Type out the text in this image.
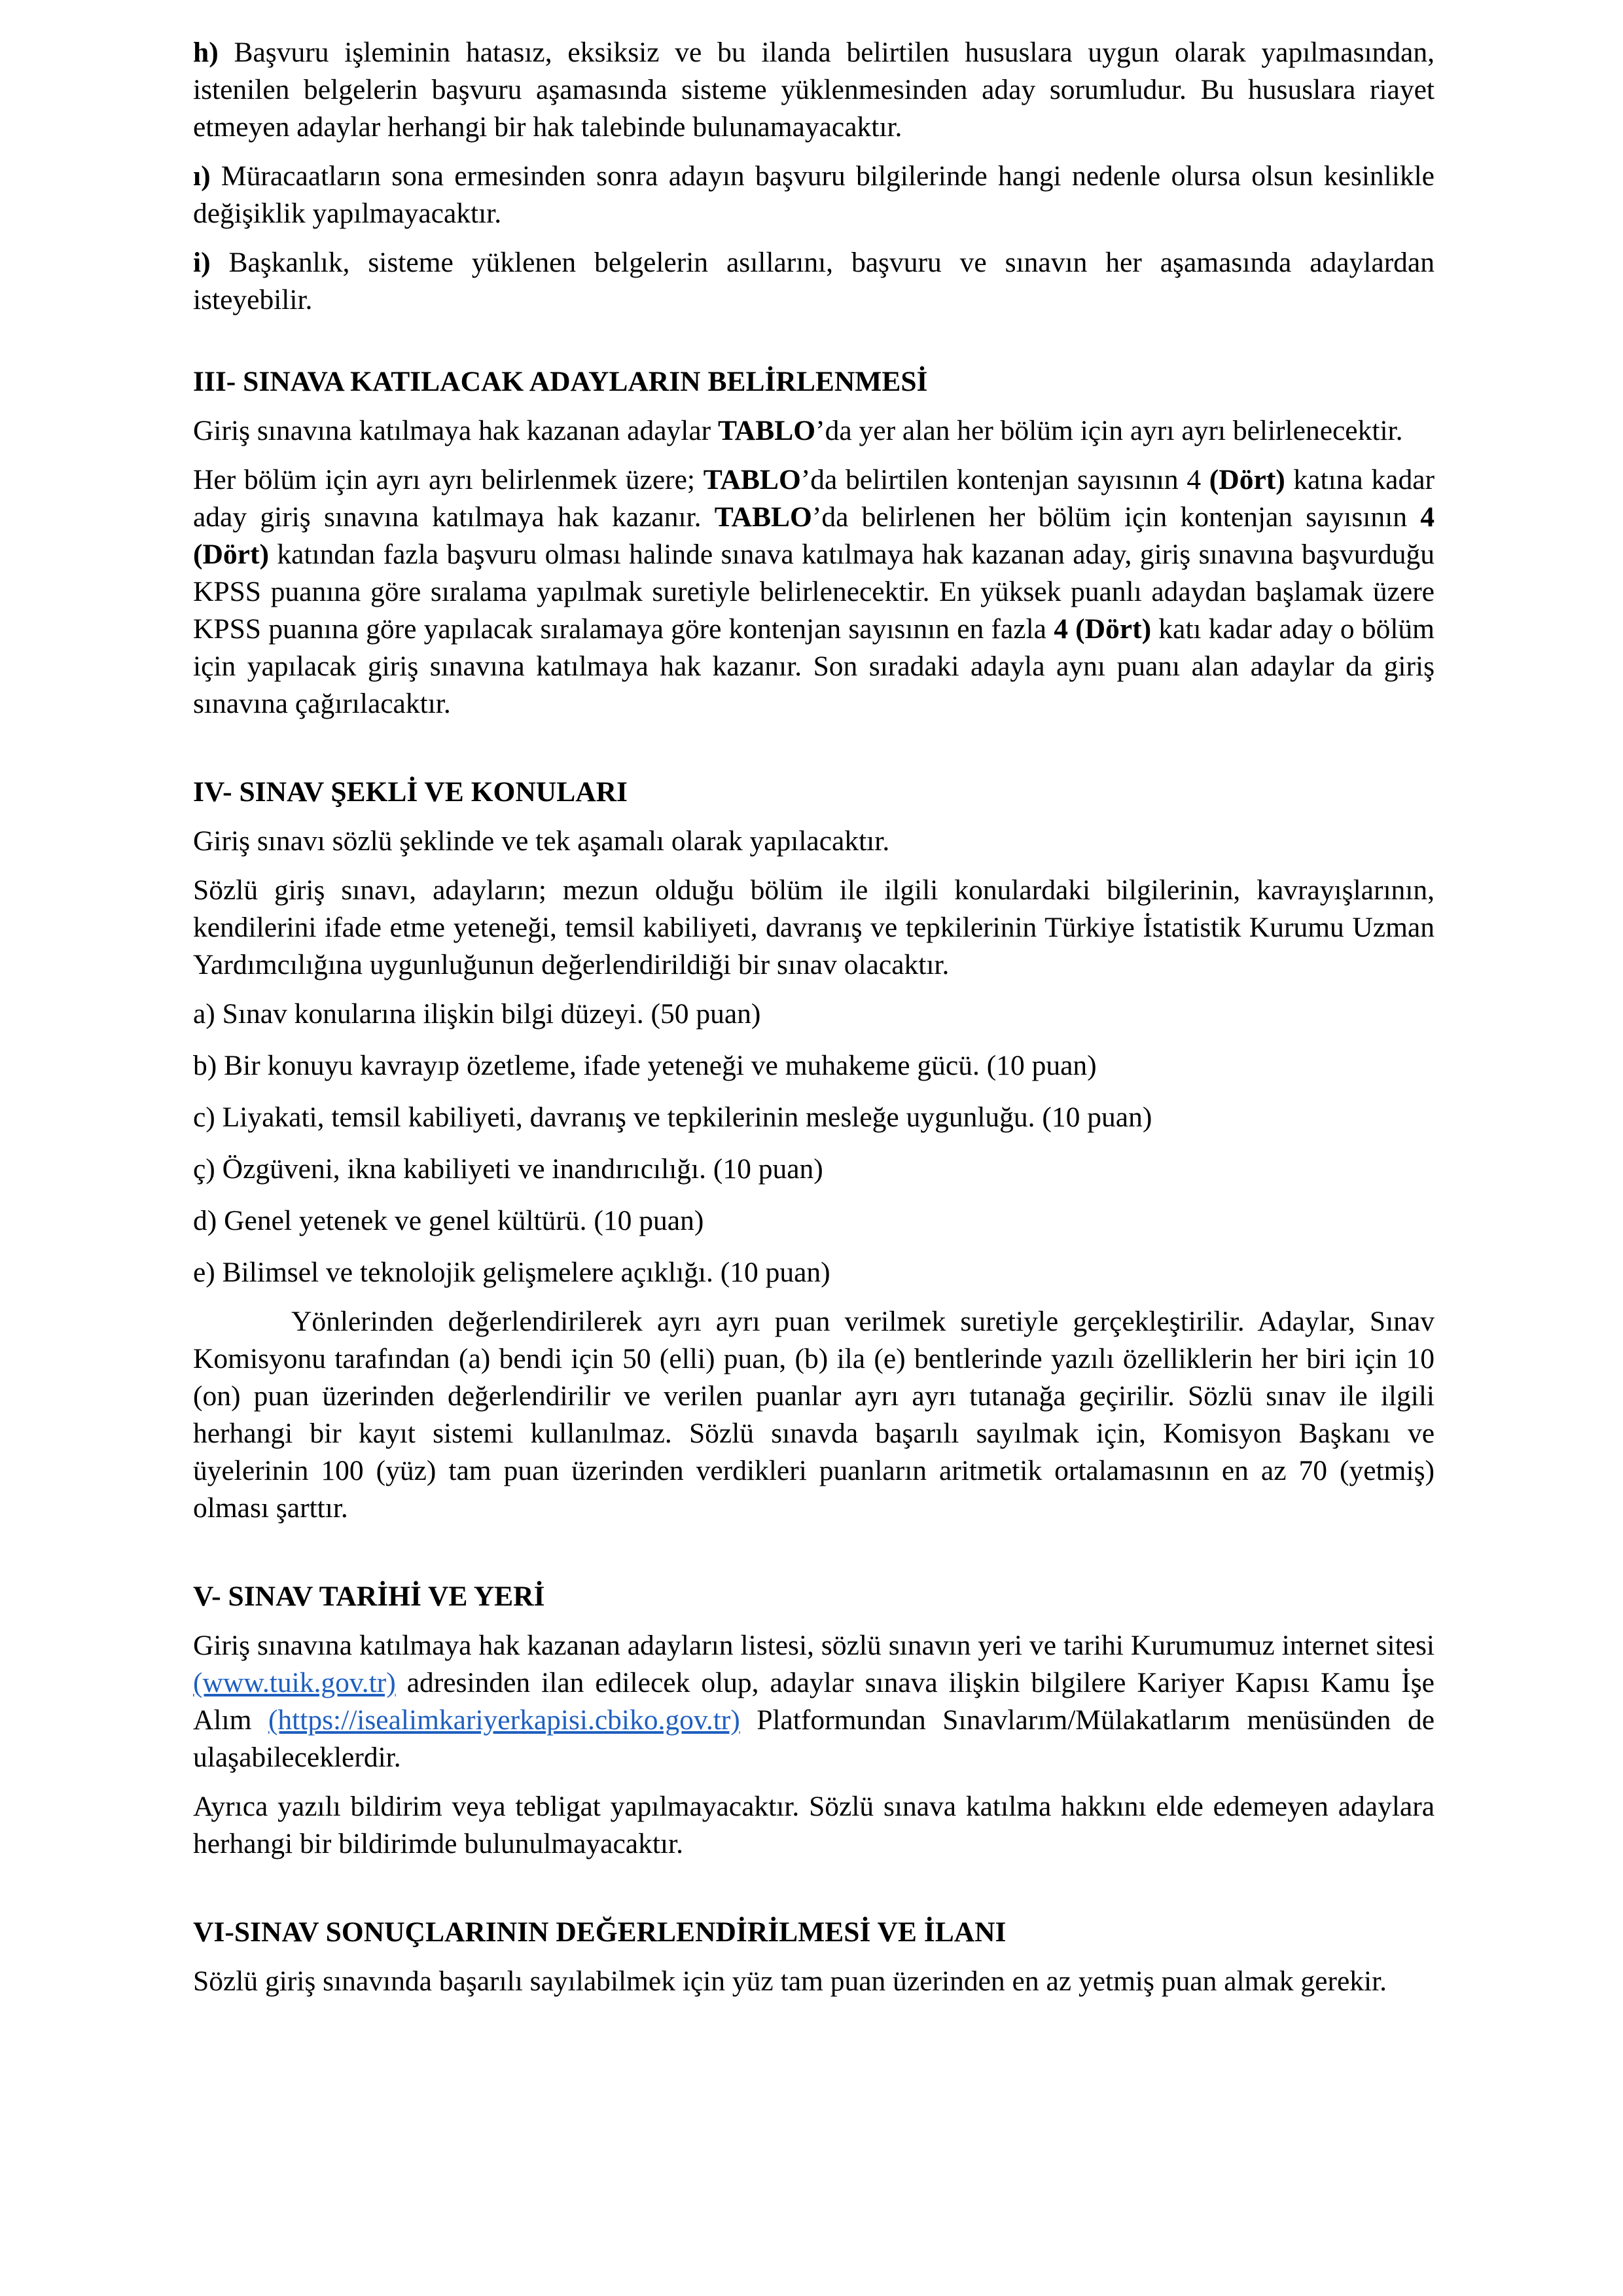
h) Başvuru işleminin hatasız, eksiksiz ve bu ilanda belirtilen hususlara uygun olarak yapılmasından, istenilen belgelerin başvuru aşamasında sisteme yüklenmesinden aday sorumludur. Bu hususlara riayet etmeyen adaylar herhangi bir hak talebinde bulunamayacaktır.

ı) Müracaatların sona ermesinden sonra adayın başvuru bilgilerinde hangi nedenle olursa olsun kesinlikle değişiklik yapılmayacaktır.

i) Başkanlık, sisteme yüklenen belgelerin asıllarını, başvuru ve sınavın her aşamasında adaylardan isteyebilir.

III- SINAVA KATILACAK ADAYLARIN BELİRLENMESİ

Giriş sınavına katılmaya hak kazanan adaylar TABLO’da yer alan her bölüm için ayrı ayrı belirlenecektir.

Her bölüm için ayrı ayrı belirlenmek üzere; TABLO’da belirtilen kontenjan sayısının 4 (Dört) katına kadar aday giriş sınavına katılmaya hak kazanır. TABLO’da belirlenen her bölüm için kontenjan sayısının 4 (Dört) katından fazla başvuru olması halinde sınava katılmaya hak kazanan aday, giriş sınavına başvurduğu KPSS puanına göre sıralama yapılmak suretiyle belirlenecektir. En yüksek puanlı adaydan başlamak üzere KPSS puanına göre yapılacak sıralamaya göre kontenjan sayısının en fazla 4 (Dört) katı kadar aday o bölüm için yapılacak giriş sınavına katılmaya hak kazanır. Son sıradaki adayla aynı puanı alan adaylar da giriş sınavına çağırılacaktır.

IV- SINAV ŞEKLİ VE KONULARI

Giriş sınavı sözlü şeklinde ve tek aşamalı olarak yapılacaktır.

Sözlü giriş sınavı, adayların; mezun olduğu bölüm ile ilgili konulardaki bilgilerinin, kavrayışlarının, kendilerini ifade etme yeteneği, temsil kabiliyeti, davranış ve tepkilerinin Türkiye İstatistik Kurumu Uzman Yardımcılığına uygunluğunun değerlendirildiği bir sınav olacaktır.

a) Sınav konularına ilişkin bilgi düzeyi. (50 puan)

b) Bir konuyu kavrayıp özetleme, ifade yeteneği ve muhakeme gücü. (10 puan)

c) Liyakati, temsil kabiliyeti, davranış ve tepkilerinin mesleğe uygunluğu. (10 puan)

ç) Özgüveni, ikna kabiliyeti ve inandırıcılığı. (10 puan)

d) Genel yetenek ve genel kültürü. (10 puan)

e) Bilimsel ve teknolojik gelişmelere açıklığı. (10 puan)

Yönlerinden değerlendirilerek ayrı ayrı puan verilmek suretiyle gerçekleştirilir. Adaylar, Sınav Komisyonu tarafından (a) bendi için 50 (elli) puan, (b) ila (e) bentlerinde yazılı özelliklerin her biri için 10 (on) puan üzerinden değerlendirilir ve verilen puanlar ayrı ayrı tutanağa geçirilir. Sözlü sınav ile ilgili herhangi bir kayıt sistemi kullanılmaz. Sözlü sınavda başarılı sayılmak için, Komisyon Başkanı ve üyelerinin 100 (yüz) tam puan üzerinden verdikleri puanların aritmetik ortalamasının en az 70 (yetmiş) olması şarttır.

V- SINAV TARİHİ VE YERİ

Giriş sınavına katılmaya hak kazanan adayların listesi, sözlü sınavın yeri ve tarihi Kurumumuz internet sitesi (www.tuik.gov.tr) adresinden ilan edilecek olup, adaylar sınava ilişkin bilgilere Kariyer Kapısı Kamu İşe Alım (https://isealimkariyerkapisi.cbiko.gov.tr) Platformundan Sınavlarım/Mülakatlarım menüsünden de ulaşabileceklerdir.

Ayrıca yazılı bildirim veya tebligat yapılmayacaktır. Sözlü sınava katılma hakkını elde edemeyen adaylara herhangi bir bildirimde bulunulmayacaktır.

VI-SINAV SONUÇLARININ DEĞERLENDİRİLMESİ VE İLANI

Sözlü giriş sınavında başarılı sayılabilmek için yüz tam puan üzerinden en az yetmiş puan almak gerekir.
